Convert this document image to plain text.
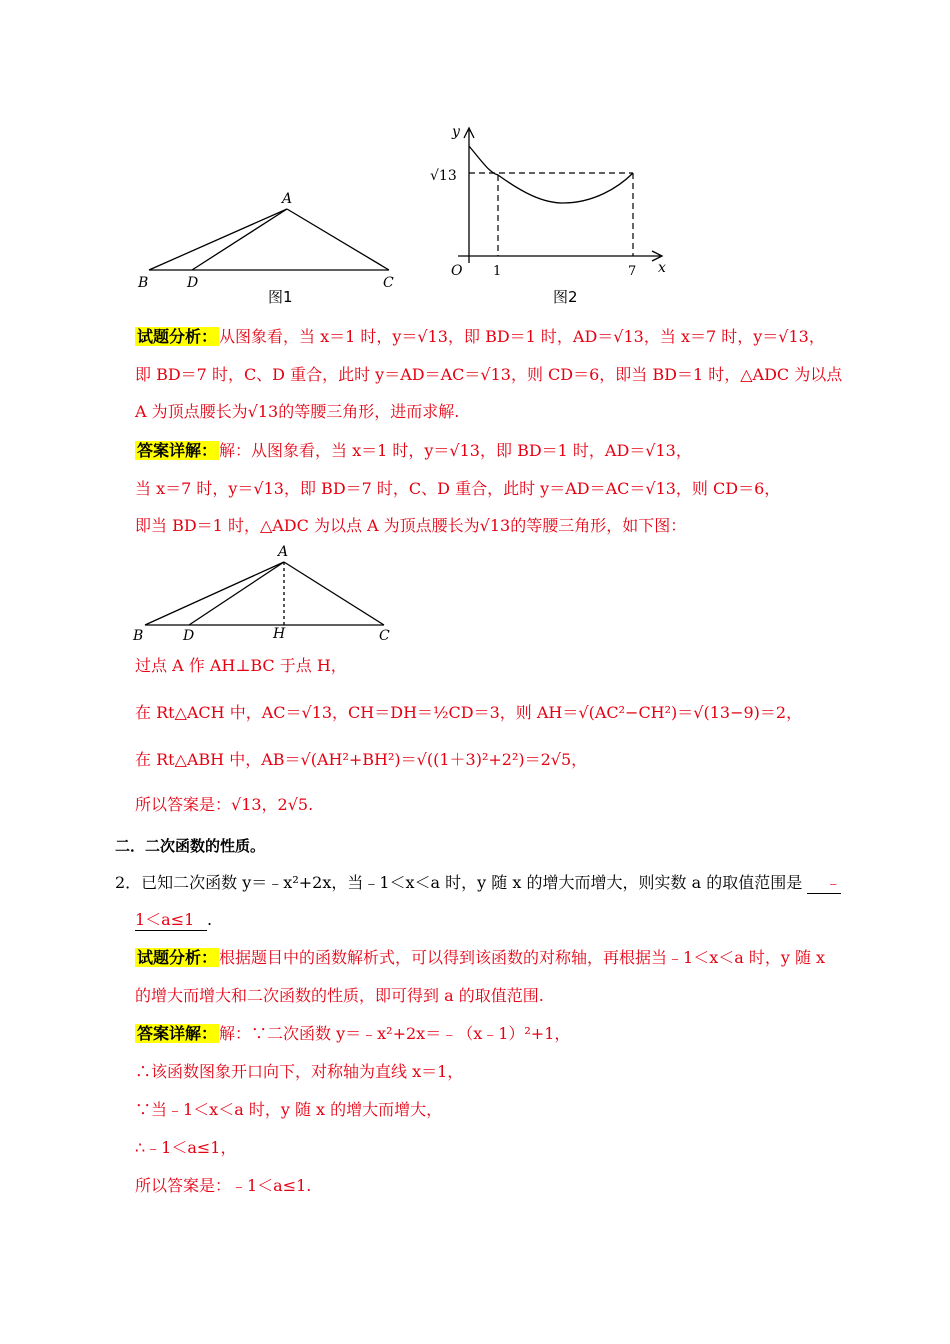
A
B	D	C
图1
y
x
O
√13
1	7
图2
试题分析： 从图象看，当 x＝1 时，y＝√13，即 BD＝1 时，AD＝√13，当 x＝7 时，y＝√13，
即 BD＝7 时，C、D 重合，此时 y＝AD＝AC＝√13，则 CD＝6，即当 BD＝1 时，△ADC 为以点
A 为顶点腰长为√13的等腰三角形，进而求解.
答案详解： 解：从图象看，当 x＝1 时，y＝√13，即 BD＝1 时，AD＝√13，
当 x＝7 时，y＝√13，即 BD＝7 时，C、D 重合，此时 y＝AD＝AC＝√13，则 CD＝6，
即当 BD＝1 时，△ADC 为以点 A 为顶点腰长为√13的等腰三角形，如下图：
A
B	D	H	C
过点 A 作 AH⊥BC 于点 H，
在 Rt△ACH 中，AC＝√13，CH＝DH＝½CD＝3，则 AH＝√(AC²−CH²)＝√(13−9)＝2，
在 Rt△ABH 中，AB＝√(AH²+BH²)＝√((1＋3)²+2²)＝2√5，
所以答案是：√13，2√5.
二．二次函数的性质。
2．已知二次函数 y＝﹣x²+2x，当﹣1＜x＜a 时，y 随 x 的增大而增大，则实数 a 的取值范围是 ﹣
1＜a≤1 .
试题分析： 根据题目中的函数解析式，可以得到该函数的对称轴，再根据当﹣1＜x＜a 时，y 随 x
的增大而增大和二次函数的性质，即可得到 a 的取值范围.
答案详解： 解：∵二次函数 y＝﹣x²+2x＝﹣（x﹣1）²+1，
∴该函数图象开口向下，对称轴为直线 x＝1，
∵当﹣1＜x＜a 时，y 随 x 的增大而增大，
∴﹣1＜a≤1，
所以答案是：﹣1＜a≤1.
